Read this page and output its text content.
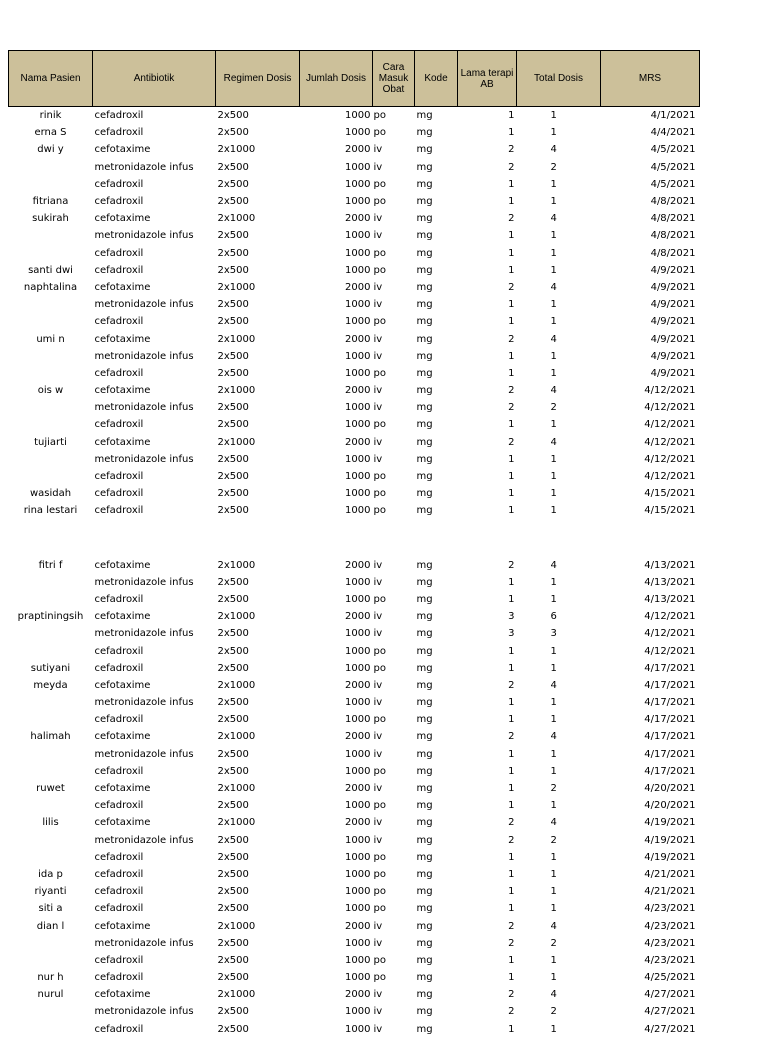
Nama Pasien	Antibiotik	Regimen Dosis	Jumlah Dosis	Cara Masuk Obat	Kode	Lama terapi AB	Total Dosis	MRS
rinik	cefadroxil	2x500	1000	po	mg	1	1	4/1/2021
erna S	cefadroxil	2x500	1000	po	mg	1	1	4/4/2021
dwi y	cefotaxime	2x1000	2000	iv	mg	2	4	4/5/2021
	metronidazole infus	2x500	1000	iv	mg	2	2	4/5/2021
	cefadroxil	2x500	1000	po	mg	1	1	4/5/2021
fitriana	cefadroxil	2x500	1000	po	mg	1	1	4/8/2021
sukirah	cefotaxime	2x1000	2000	iv	mg	2	4	4/8/2021
	metronidazole infus	2x500	1000	iv	mg	1	1	4/8/2021
	cefadroxil	2x500	1000	po	mg	1	1	4/8/2021
santi dwi	cefadroxil	2x500	1000	po	mg	1	1	4/9/2021
naphtalina	cefotaxime	2x1000	2000	iv	mg	2	4	4/9/2021
	metronidazole infus	2x500	1000	iv	mg	1	1	4/9/2021
	cefadroxil	2x500	1000	po	mg	1	1	4/9/2021
umi n	cefotaxime	2x1000	2000	iv	mg	2	4	4/9/2021
	metronidazole infus	2x500	1000	iv	mg	1	1	4/9/2021
	cefadroxil	2x500	1000	po	mg	1	1	4/9/2021
ois w	cefotaxime	2x1000	2000	iv	mg	2	4	4/12/2021
	metronidazole infus	2x500	1000	iv	mg	2	2	4/12/2021
	cefadroxil	2x500	1000	po	mg	1	1	4/12/2021
tujiarti	cefotaxime	2x1000	2000	iv	mg	2	4	4/12/2021
	metronidazole infus	2x500	1000	iv	mg	1	1	4/12/2021
	cefadroxil	2x500	1000	po	mg	1	1	4/12/2021
wasidah	cefadroxil	2x500	1000	po	mg	1	1	4/15/2021
rina lestari	cefadroxil	2x500	1000	po	mg	1	1	4/15/2021

fitri f	cefotaxime	2x1000	2000	iv	mg	2	4	4/13/2021
	metronidazole infus	2x500	1000	iv	mg	1	1	4/13/2021
	cefadroxil	2x500	1000	po	mg	1	1	4/13/2021
praptiningsih	cefotaxime	2x1000	2000	iv	mg	3	6	4/12/2021
	metronidazole infus	2x500	1000	iv	mg	3	3	4/12/2021
	cefadroxil	2x500	1000	po	mg	1	1	4/12/2021
sutiyani	cefadroxil	2x500	1000	po	mg	1	1	4/17/2021
meyda	cefotaxime	2x1000	2000	iv	mg	2	4	4/17/2021
	metronidazole infus	2x500	1000	iv	mg	1	1	4/17/2021
	cefadroxil	2x500	1000	po	mg	1	1	4/17/2021
halimah	cefotaxime	2x1000	2000	iv	mg	2	4	4/17/2021
	metronidazole infus	2x500	1000	iv	mg	1	1	4/17/2021
	cefadroxil	2x500	1000	po	mg	1	1	4/17/2021
ruwet	cefotaxime	2x1000	2000	iv	mg	1	2	4/20/2021
	cefadroxil	2x500	1000	po	mg	1	1	4/20/2021
lilis	cefotaxime	2x1000	2000	iv	mg	2	4	4/19/2021
	metronidazole infus	2x500	1000	iv	mg	2	2	4/19/2021
	cefadroxil	2x500	1000	po	mg	1	1	4/19/2021
ida p	cefadroxil	2x500	1000	po	mg	1	1	4/21/2021
riyanti	cefadroxil	2x500	1000	po	mg	1	1	4/21/2021
siti a	cefadroxil	2x500	1000	po	mg	1	1	4/23/2021
dian l	cefotaxime	2x1000	2000	iv	mg	2	4	4/23/2021
	metronidazole infus	2x500	1000	iv	mg	2	2	4/23/2021
	cefadroxil	2x500	1000	po	mg	1	1	4/23/2021
nur h	cefadroxil	2x500	1000	po	mg	1	1	4/25/2021
nurul	cefotaxime	2x1000	2000	iv	mg	2	4	4/27/2021
	metronidazole infus	2x500	1000	iv	mg	2	2	4/27/2021
	cefadroxil	2x500	1000	iv	mg	1	1	4/27/2021
